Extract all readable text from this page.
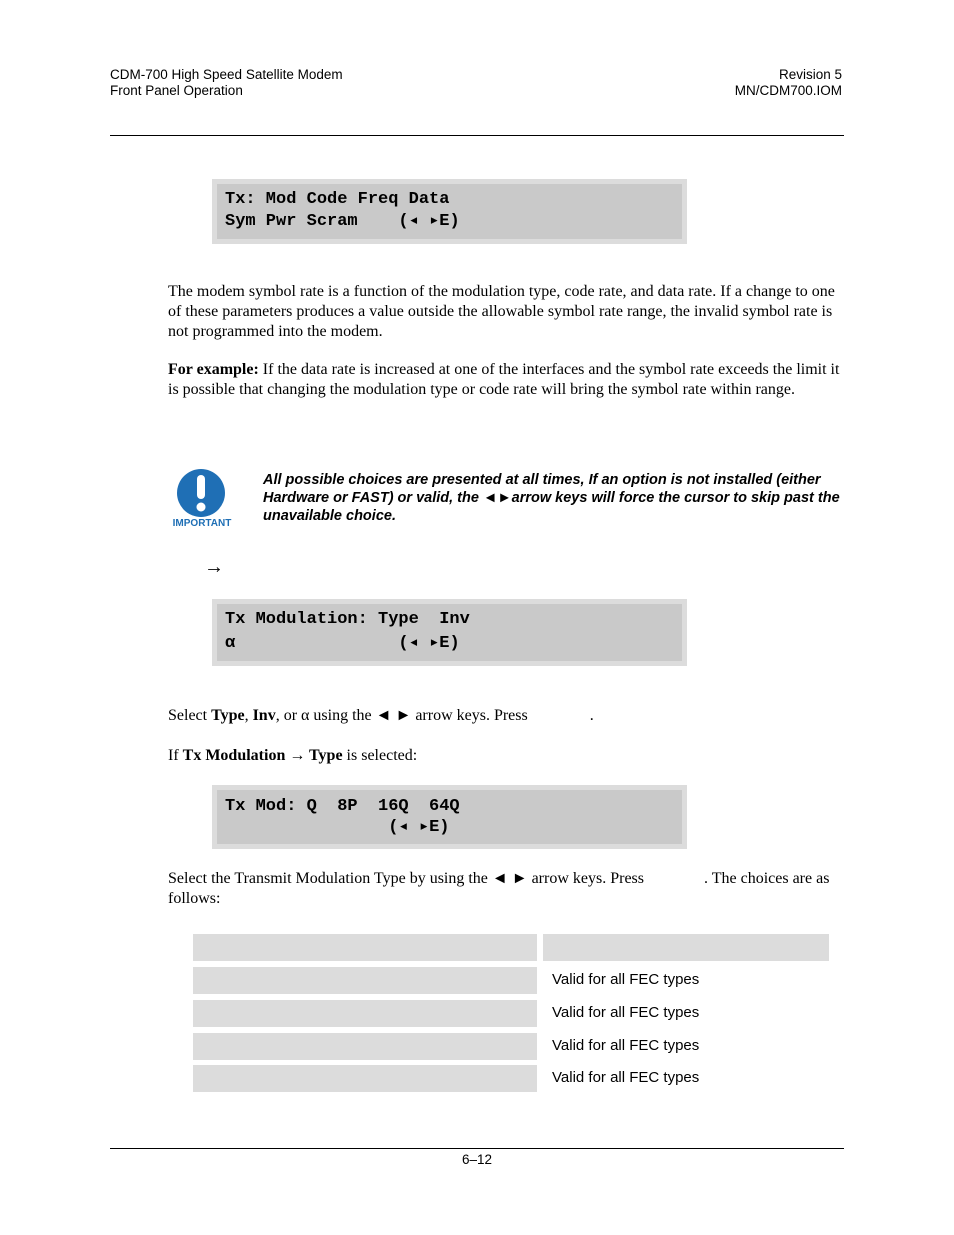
CDM-700 High Speed Satellite Modem
Front Panel Operation
Revision 5
MN/CDM700.IOM
Tx: Mod Code Freq Data
Sym Pwr Scram    (◂ ▸E)
The modem symbol rate is a function of the modulation type, code rate, and data rate. If a change to one of these parameters produces a value outside the allowable symbol rate range, the invalid symbol rate is not programmed into the modem.
For example: If the data rate is increased at one of the interfaces and the symbol rate exceeds the limit it is possible that changing the modulation type or code rate will bring the symbol rate within range.
IMPORTANT
All possible choices are presented at all times, If an option is not installed (either Hardware or FAST) or valid, the ◄►arrow keys will force the cursor to skip past the unavailable choice.
→
Tx Modulation: Type  Inv
α                (◂ ▸E)
Select Type, Inv, or α using the ◄ ► arrow keys. Press	.
If Tx Modulation → Type is selected:
Tx Mod: Q  8P  16Q  64Q
(◂ ▸E)
Select the Transmit Modulation Type by using the ◄ ► arrow keys. Press	. The choices are as follows:
Valid for all FEC types
Valid for all FEC types
Valid for all FEC types
Valid for all FEC types
6–12
